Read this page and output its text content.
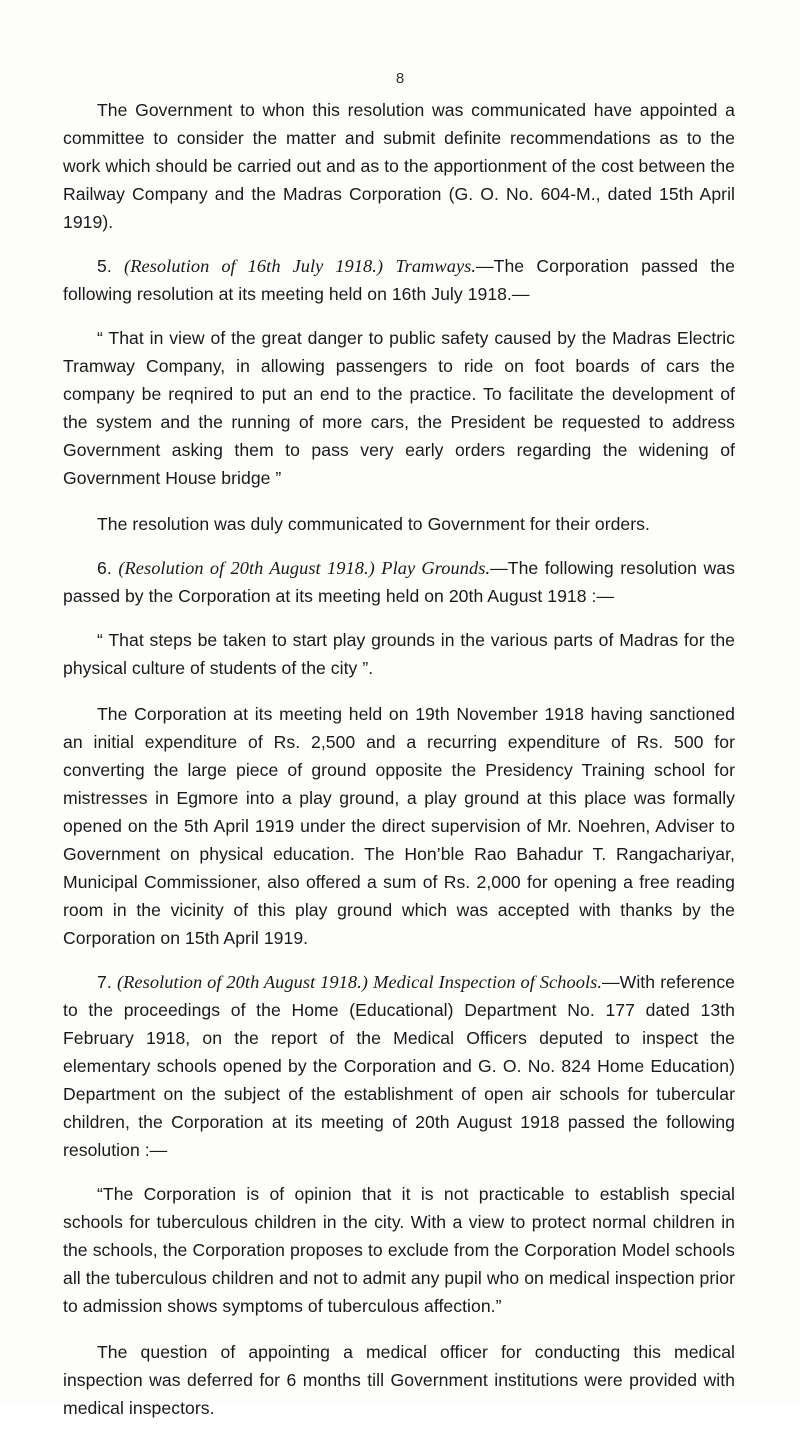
8

The Government to whon this resolution was communicated have appointed a committee to consider the matter and submit definite recommendations as to the work which should be carried out and as to the apportionment of the cost between the Railway Company and the Madras Corporation (G. O. No. 604-M., dated 15th April 1919).

5. (Resolution of 16th July 1918.) Tramways.—The Corporation passed the following resolution at its meeting held on 16th July 1918.—

“ That in view of the great danger to public safety caused by the Madras Electric Tramway Company, in allowing passengers to ride on foot boards of cars the company be reqnired to put an end to the practice. To facilitate the development of the system and the running of more cars, the President be requested to address Government asking them to pass very early orders regarding the widening of Government House bridge ”

The resolution was duly communicated to Government for their orders.

6. (Resolution of 20th August 1918.) Play Grounds.—The following resolution was passed by the Corporation at its meeting held on 20th August 1918 :—

“ That steps be taken to start play grounds in the various parts of Madras for the physical culture of students of the city ”.

The Corporation at its meeting held on 19th November 1918 having sanctioned an initial expenditure of Rs. 2,500 and a recurring expenditure of Rs. 500 for converting the large piece of ground opposite the Presidency Training school for mistresses in Egmore into a play ground, a play ground at this place was formally opened on the 5th April 1919 under the direct supervision of Mr. Noehren, Adviser to Government on physical education. The Hon’ble Rao Bahadur T. Rangachariyar, Municipal Commissioner, also offered a sum of Rs. 2,000 for opening a free reading room in the vicinity of this play ground which was accepted with thanks by the Corporation on 15th April 1919.

7. (Resolution of 20th August 1918.) Medical Inspection of Schools.—With reference to the proceedings of the Home (Educational) Department No. 177 dated 13th February 1918, on the report of the Medical Officers deputed to inspect the elementary schools opened by the Corporation and G. O. No. 824 Home Education) Department on the subject of the establishment of open air schools for tubercular children, the Corporation at its meeting of 20th August 1918 passed the following resolution :—

“The Corporation is of opinion that it is not practicable to establish special schools for tuberculous children in the city. With a view to protect normal children in the schools, the Corporation proposes to exclude from the Corporation Model schools all the tuberculous children and not to admit any pupil who on medical inspection prior to admission shows symptoms of tuberculous affection.”

The question of appointing a medical officer for conducting this medical inspection was deferred for 6 months till Government institutions were provided with medical inspectors.
